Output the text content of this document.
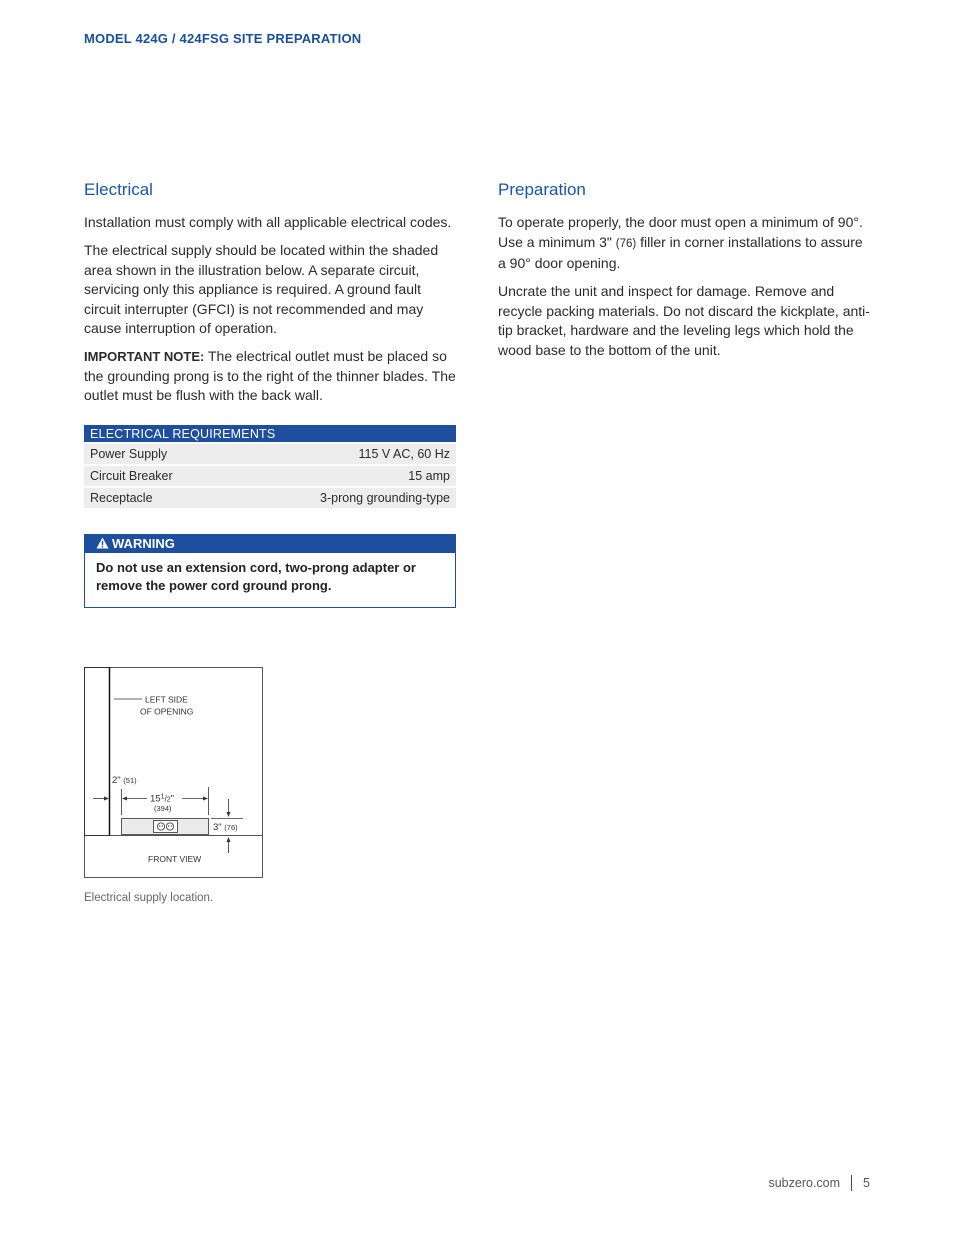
MODEL 424G / 424FSG SITE PREPARATION
Electrical

Installation must comply with all applicable electrical codes.

The electrical supply should be located within the shaded area shown in the illustration below. A separate circuit, servicing only this appliance is required. A ground fault circuit interrupter (GFCI) is not recommended and may cause interruption of operation.

IMPORTANT NOTE: The electrical outlet must be placed so the grounding prong is to the right of the thinner blades. The outlet must be flush with the back wall.

ELECTRICAL REQUIREMENTS	
Power Supply	115 V AC, 60 Hz
Circuit Breaker	15 amp
Receptacle	3-prong grounding-type
WARNING
Do not use an extension cord, two-prong adapter or remove the power cord ground prong.
LEFT SIDE
OF OPENING
2" (51)
$15^1_/2$"
(394)
3" (76)
FRONT VIEW
Electrical supply location.
Preparation

To operate properly, the door must open a minimum of 90°. Use a minimum 3" (76) filler in corner installations to assure a 90° door opening.

Uncrate the unit and inspect for damage. Remove and recycle packing materials. Do not discard the kickplate, anti-tip bracket, hardware and the leveling legs which hold the wood base to the bottom of the unit.

subzero.com 5
